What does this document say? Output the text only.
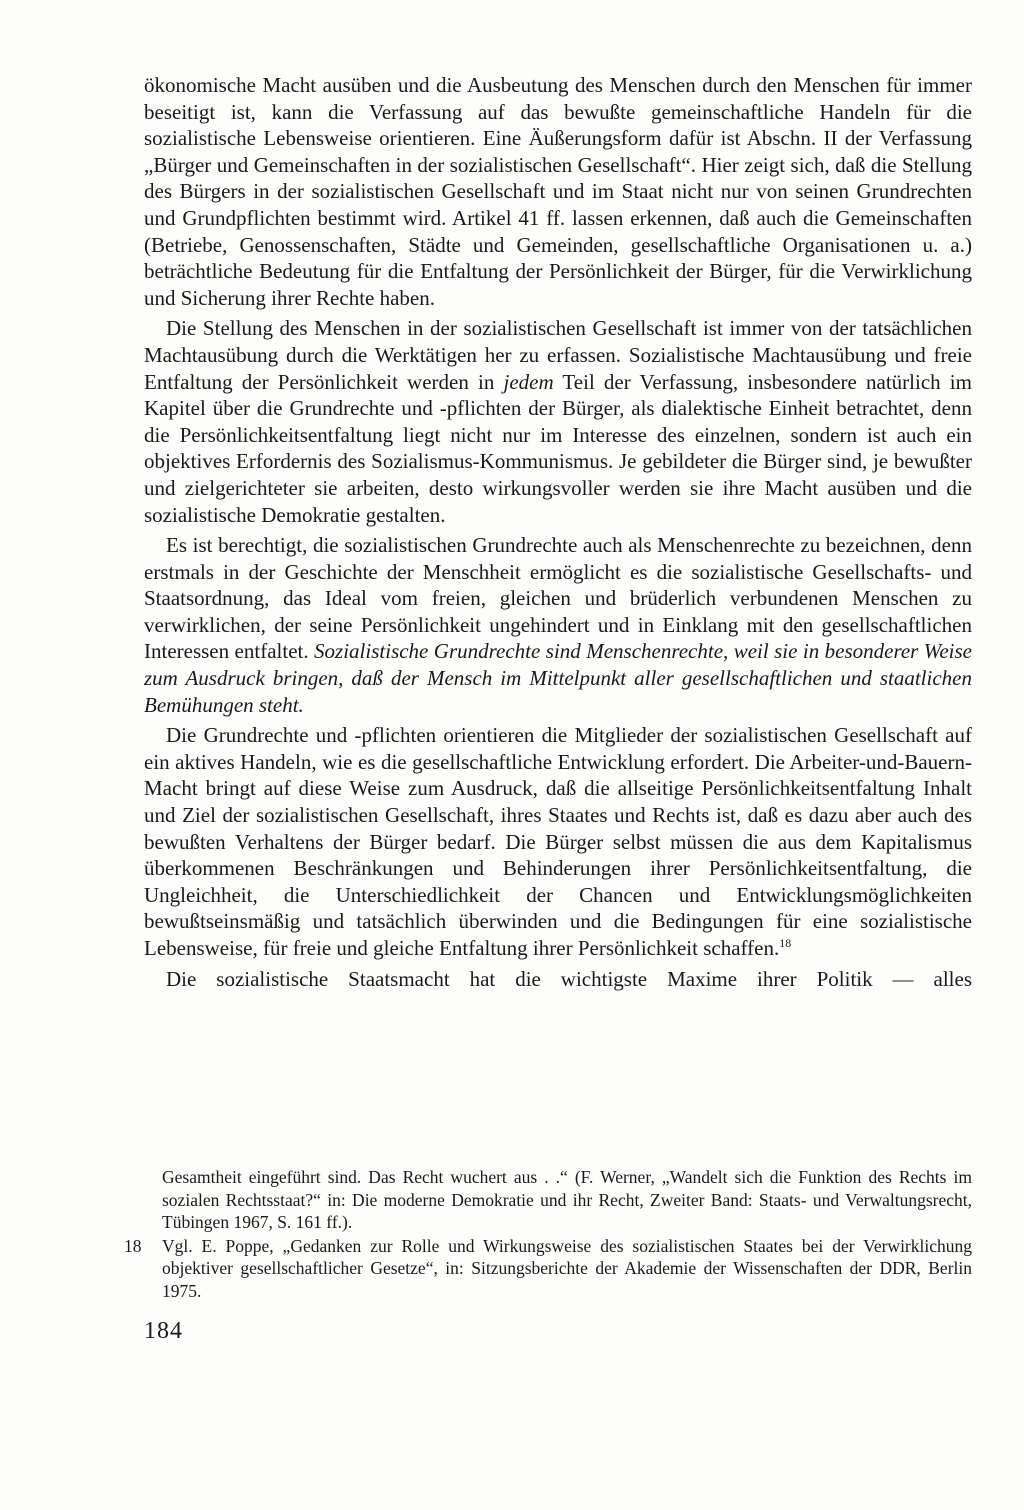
ökonomische Macht ausüben und die Ausbeutung des Menschen durch den Menschen für immer beseitigt ist, kann die Verfassung auf das bewußte gemeinschaftliche Handeln für die sozialistische Lebensweise orientieren. Eine Äußerungsform dafür ist Abschn. II der Verfassung „Bürger und Gemeinschaften in der sozialistischen Gesellschaft“. Hier zeigt sich, daß die Stellung des Bürgers in der sozialistischen Gesellschaft und im Staat nicht nur von seinen Grundrechten und Grundpflichten bestimmt wird. Artikel 41 ff. lassen erkennen, daß auch die Gemeinschaften (Betriebe, Genossenschaften, Städte und Gemeinden, gesellschaftliche Organisationen u. a.) beträchtliche Bedeutung für die Entfaltung der Persönlichkeit der Bürger, für die Verwirklichung und Sicherung ihrer Rechte haben.

Die Stellung des Menschen in der sozialistischen Gesellschaft ist immer von der tatsächlichen Machtausübung durch die Werktätigen her zu erfassen. Sozialistische Machtausübung und freie Entfaltung der Persönlichkeit werden in jedem Teil der Verfassung, insbesondere natürlich im Kapitel über die Grundrechte und -pflichten der Bürger, als dialektische Einheit betrachtet, denn die Persönlichkeitsentfaltung liegt nicht nur im Interesse des einzelnen, sondern ist auch ein objektives Erfordernis des Sozialismus-Kommunismus. Je gebildeter die Bürger sind, je bewußter und zielgerichteter sie arbeiten, desto wirkungsvoller werden sie ihre Macht ausüben und die sozialistische Demokratie gestalten.

Es ist berechtigt, die sozialistischen Grundrechte auch als Menschenrechte zu bezeichnen, denn erstmals in der Geschichte der Menschheit ermöglicht es die sozialistische Gesellschafts- und Staatsordnung, das Ideal vom freien, gleichen und brüderlich verbundenen Menschen zu verwirklichen, der seine Persönlichkeit ungehindert und in Einklang mit den gesellschaftlichen Interessen entfaltet. Sozialistische Grundrechte sind Menschenrechte, weil sie in besonderer Weise zum Ausdruck bringen, daß der Mensch im Mittelpunkt aller gesellschaftlichen und staatlichen Bemühungen steht.

Die Grundrechte und -pflichten orientieren die Mitglieder der sozialistischen Gesellschaft auf ein aktives Handeln, wie es die gesellschaftliche Entwicklung erfordert. Die Arbeiter-und-Bauern-Macht bringt auf diese Weise zum Ausdruck, daß die allseitige Persönlichkeitsentfaltung Inhalt und Ziel der sozialistischen Gesellschaft, ihres Staates und Rechts ist, daß es dazu aber auch des bewußten Verhaltens der Bürger bedarf. Die Bürger selbst müssen die aus dem Kapitalismus überkommenen Beschränkungen und Behinderungen ihrer Persönlichkeitsentfaltung, die Ungleichheit, die Unterschiedlichkeit der Chancen und Entwicklungsmöglichkeiten bewußtseinsmäßig und tatsächlich überwinden und die Bedingungen für eine sozialistische Lebensweise, für freie und gleiche Entfaltung ihrer Persönlichkeit schaffen.$^{18}$

Die sozialistische Staatsmacht hat die wichtigste Maxime ihrer Politik — alles

Gesamtheit eingeführt sind. Das Recht wuchert aus . .“ (F. Werner, „Wandelt sich die Funktion des Rechts im sozialen Rechtsstaat?“ in: Die moderne Demokratie und ihr Recht, Zweiter Band: Staats- und Verwaltungsrecht, Tübingen 1967, S. 161 ff.).
18 Vgl. E. Poppe, „Gedanken zur Rolle und Wirkungsweise des sozialistischen Staates bei der Verwirklichung objektiver gesellschaftlicher Gesetze“, in: Sitzungsberichte der Akademie der Wissenschaften der DDR, Berlin 1975.
184
